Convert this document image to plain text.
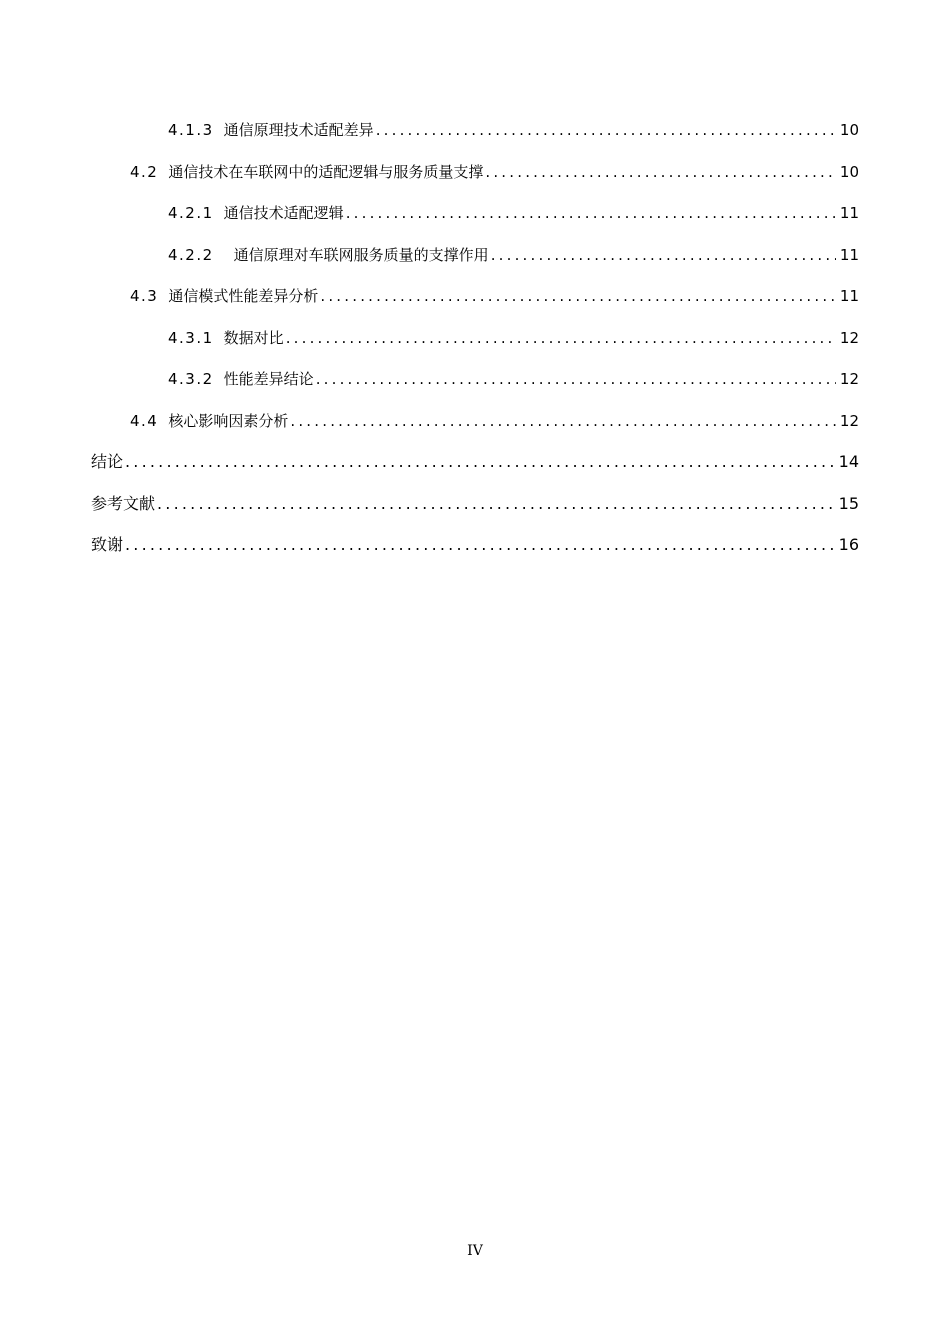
4.1.3 通信原理技术适配差异 .....	10
4.2 通信技术在车联网中的适配逻辑与服务质量支撑 .....	10
4.2.1 通信技术适配逻辑 .....	11
4.2.2 通信原理对车联网服务质量的支撑作用 .....	11
4.3 通信模式性能差异分析 .....	11
4.3.1 数据对比 .....	12
4.3.2 性能差异结论 .....	12
4.4 核心影响因素分析 .....	12
结论 .....	14
参考文献 .....	15
致谢 .....	16
IV
